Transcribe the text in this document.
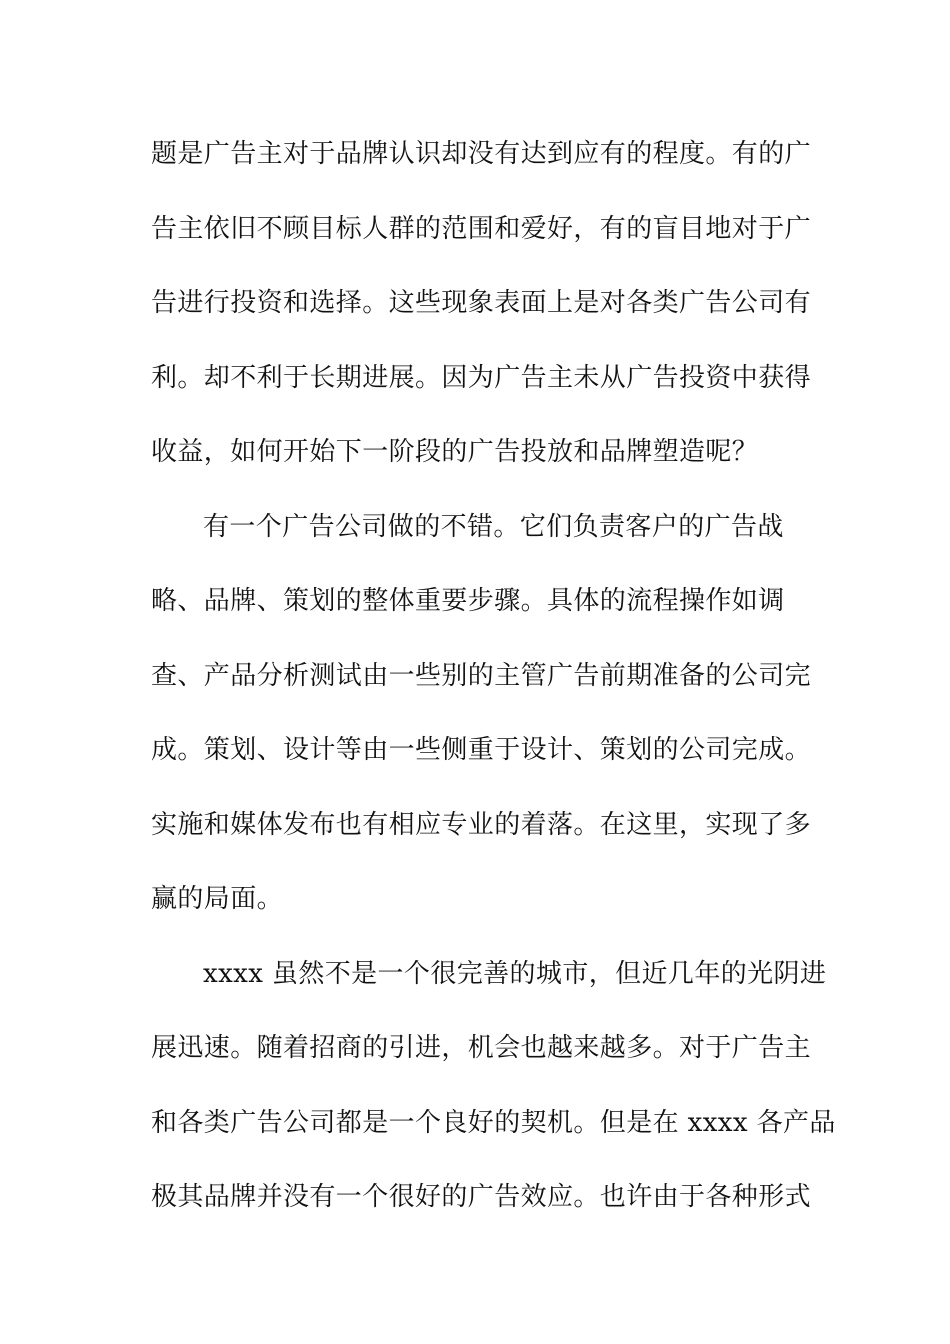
题是广告主对于品牌认识却没有达到应有的程度。有的广
告主依旧不顾目标人群的范围和爱好，有的盲目地对于广
告进行投资和选择。这些现象表面上是对各类广告公司有
利。却不利于长期进展。因为广告主未从广告投资中获得
收益，如何开始下一阶段的广告投放和品牌塑造呢？
有一个广告公司做的不错。它们负责客户的广告战
略、品牌、策划的整体重要步骤。具体的流程操作如调
查、产品分析测试由一些别的主管广告前期准备的公司完
成。策划、设计等由一些侧重于设计、策划的公司完成。
实施和媒体发布也有相应专业的着落。在这里，实现了多
赢的局面。
xxxx 虽然不是一个很完善的城市，但近几年的光阴进
展迅速。随着招商的引进，机会也越来越多。对于广告主
和各类广告公司都是一个良好的契机。但是在 xxxx 各产品
极其品牌并没有一个很好的广告效应。也许由于各种形式
